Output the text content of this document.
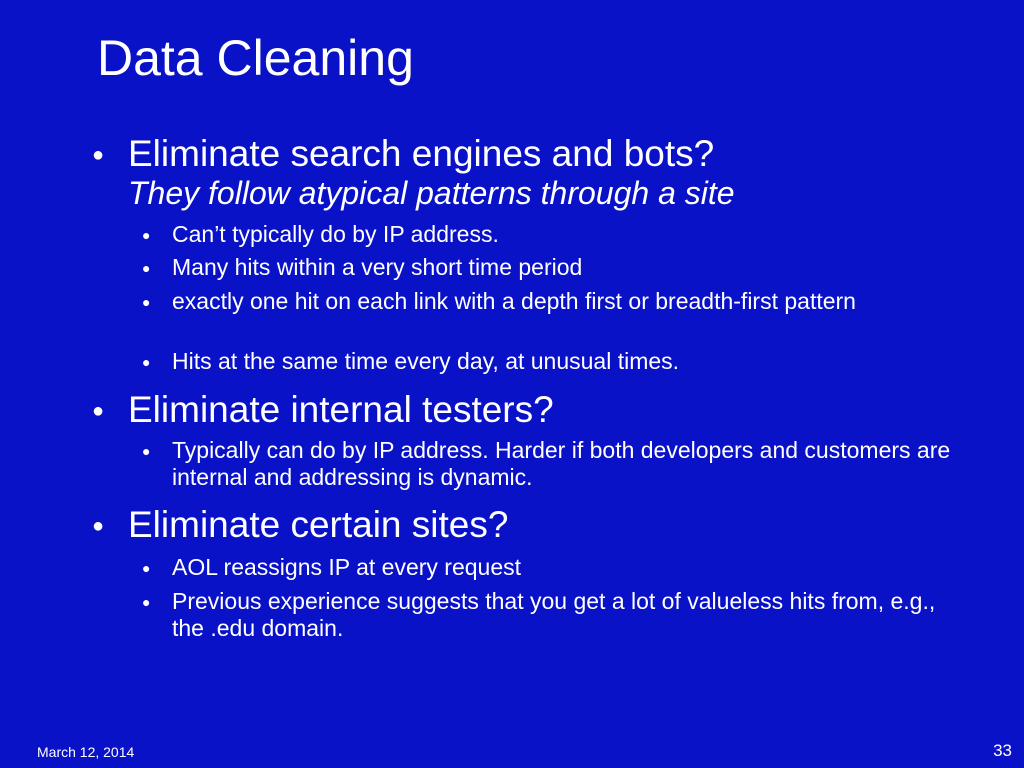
Data Cleaning
● Eliminate search engines and bots?
They follow atypical patterns through a site
● Can’t typically do by IP address.
● Many hits within a very short time period
● exactly one hit on each link with a depth first or breadth-first pattern
● Hits at the same time every day, at unusual times.
● Eliminate internal testers?
● Typically can do by IP address. Harder if both developers and customers are internal and addressing is dynamic.
● Eliminate certain sites?
● AOL reassigns IP at every request
● Previous experience suggests that you get a lot of valueless hits from, e.g., the .edu domain.
March 12, 2014	33
